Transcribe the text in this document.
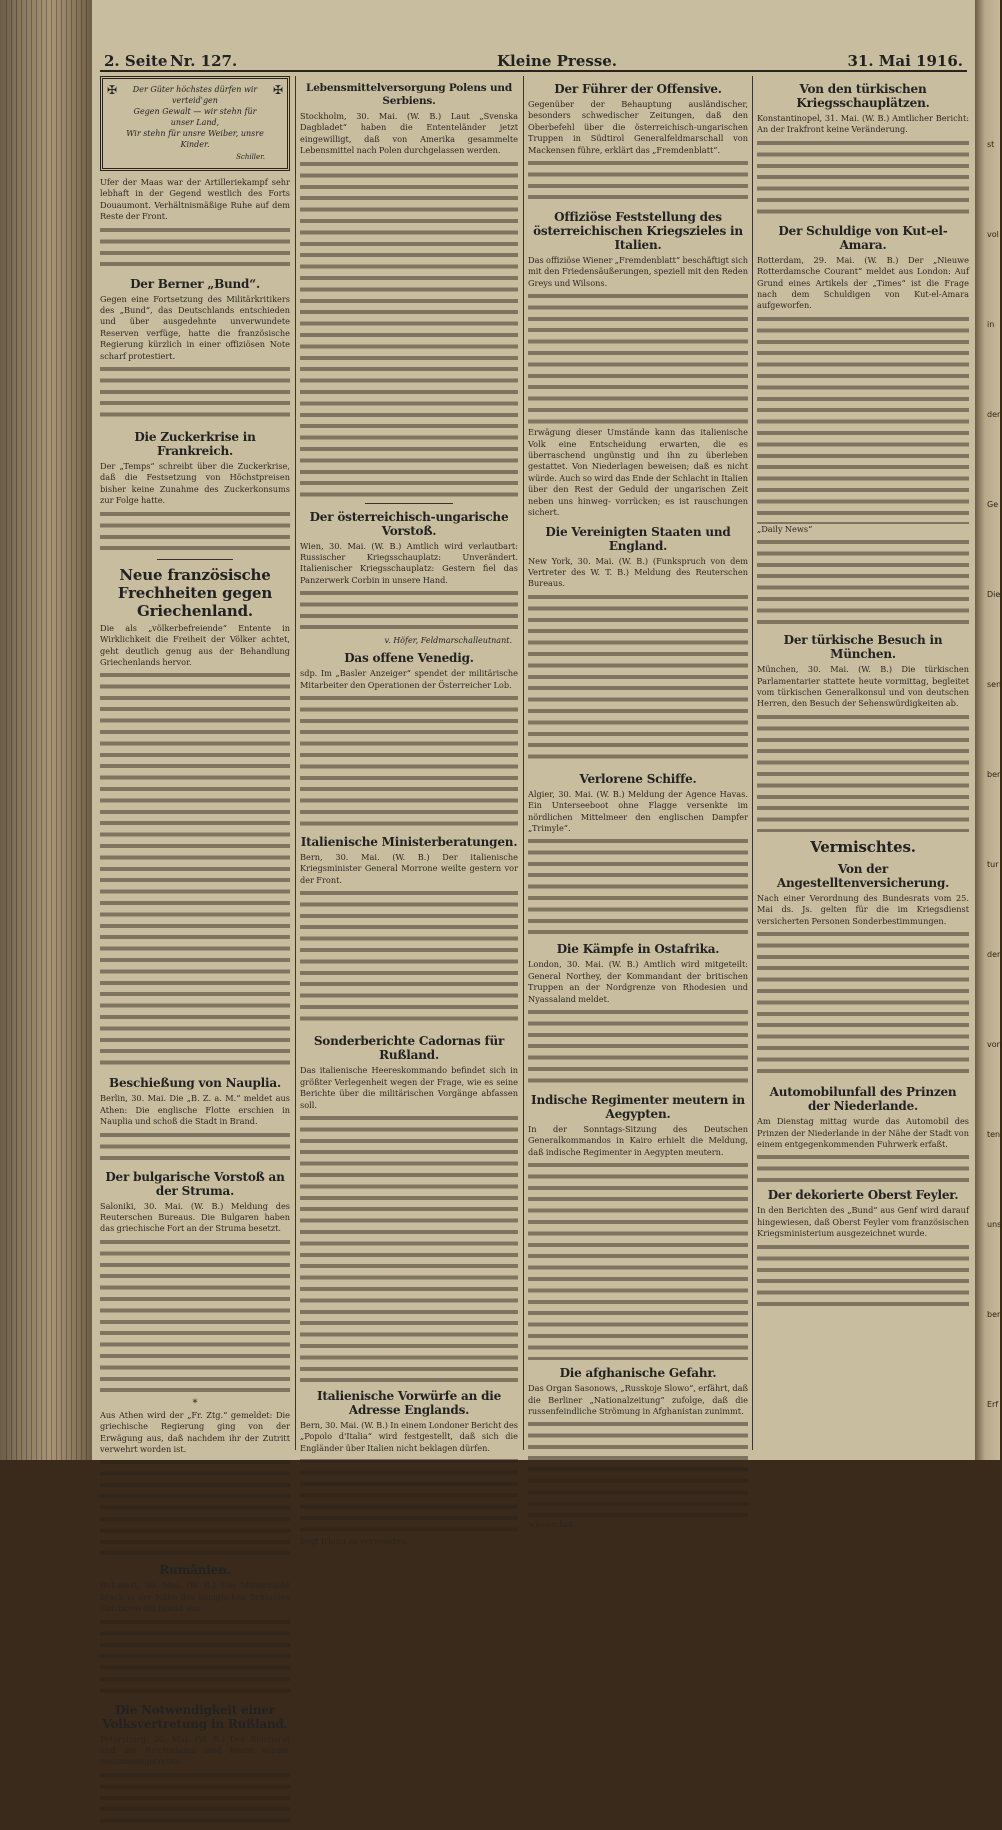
2. Seite Nr. 127.	Kleine Presse.	31. Mai 1916.
✠	✠

Der Güter höchstes dürfen wir verteid'gen

Gegen Gewalt — wir stehn für unser Land,

Wir stehn für unsre Weiber, unsre Kinder.

Schiller.

Ufer der Maas war der Artilleriekampf sehr lebhaft in der Gegend westlich des Forts Douaumont. Verhältnismäßige Ruhe auf dem Reste der Front.

Der Berner „Bund“.

Gegen eine Fortsetzung des Militärkritikers des „Bund“, das Deutschlands entschieden und über ausgedehnte unverwundete Reserven verfüge, hatte die französische Regierung kürzlich in einer offiziösen Note scharf protestiert.

Die Zuckerkrise in Frankreich.

Der „Temps“ schreibt über die Zuckerkrise, daß die Festsetzung von Höchstpreisen bisher keine Zunahme des Zuckerkonsums zur Folge hatte.

Neue französische Frechheiten gegen Griechenland.

Die als „völkerbefreiende“ Entente in Wirklichkeit die Freiheit der Völker achtet, geht deutlich genug aus der Behandlung Griechenlands hervor.

Beschießung von Nauplia.

Berlin, 30. Mai. Die „B. Z. a. M.“ meldet aus Athen: Die englische Flotte erschien in Nauplia und schoß die Stadt in Brand.

Der bulgarische Vorstoß an der Struma.

Saloniki, 30. Mai. (W. B.) Meldung des Reuterschen Bureaus. Die Bulgaren haben das griechische Fort an der Struma besetzt.

*

Aus Athen wird der „Fr. Ztg.“ gemeldet: Die griechische Regierung ging von der Erwägung aus, daß nachdem ihr der Zutritt verwehrt worden ist.

Rumänien.

Bukarest, 30. Mai. (W. B.) Um Mitternacht brach in der Nähe des königlichen Schlosses Cotroceni ein Brand aus.

Die Notwendigkeit einer Volksvertretung in Rußland.

Petersburg, 30. Mai. (W. B.) Der Reichsrat und die Reichsduma sind heute wieder zusammengetreten.

Lebensmittelversorgung Polens und Serbiens.

Stockholm, 30. Mai. (W. B.) Laut „Svenska Dagbladet“ haben die Ententeländer jetzt eingewilligt, daß von Amerika gesammelte Lebensmittel nach Polen durchgelassen werden.

Der österreichisch-ungarische Vorstoß.

Wien, 30. Mai. (W. B.) Amtlich wird verlautbart: Russischer Kriegsschauplatz: Unverändert. Italienischer Kriegsschauplatz: Gestern fiel das Panzerwerk Corbin in unsere Hand.

v. Höfer, Feldmarschalleutnant.

Das offene Venedig.

sdp. Im „Basler Anzeiger“ spendet der militärische Mitarbeiter den Operationen der Österreicher Lob.

Italienische Ministerberatungen.

Bern, 30. Mai. (W. B.) Der italienische Kriegsminister General Morrone weilte gestern vor der Front.

Sonderberichte Cadornas für Rußland.

Das italienische Heereskommando befindet sich in größter Verlegenheit wegen der Frage, wie es seine Berichte über die militärischen Vorgänge abfassen soll.

Italienische Vorwürfe an die Adresse Englands.

Bern, 30. Mai. (W. B.) In einem Londoner Bericht des „Popolo d'Italia“ wird festgestellt, daß sich die Engländer über Italien nicht beklagen dürfen.

liegt Irland zu verwenden.

Der Führer der Offensive.

Gegenüber der Behauptung ausländischer, besonders schwedischer Zeitungen, daß den Oberbefehl über die österreichisch-ungarischen Truppen in Südtirol Generalfeldmarschall von Mackensen führe, erklärt das „Fremdenblatt“.

Offiziöse Feststellung des österreichischen Kriegszieles in Italien.

Das offiziöse Wiener „Fremdenblatt“ beschäftigt sich mit den Friedensäußerungen, speziell mit den Reden Greys und Wilsons.

Erwägung dieser Umstände kann das italienische Volk eine Entscheidung erwarten, die es überraschend ungünstig und ihn zu überleben gestattet. Von Niederlagen beweisen; daß es nicht würde. Auch so wird das Ende der Schlacht in Italien über den Rest der Geduld der ungarischen Zeit neben uns hinweg- vorrücken; es ist rauschungen sichert.

Die Vereinigten Staaten und England.

New York, 30. Mai. (W. B.) (Funkspruch von dem Vertreter des W. T. B.) Meldung des Reuterschen Bureaus.

Verlorene Schiffe.

Algier, 30. Mai. (W. B.) Meldung der Agence Havas. Ein Unterseeboot ohne Flagge versenkte im nördlichen Mittelmeer den englischen Dampfer „Trimyle“.

Die Kämpfe in Ostafrika.

London, 30. Mai. (W. B.) Amtlich wird mitgeteilt: General Northey, der Kommandant der britischen Truppen an der Nordgrenze von Rhodesien und Nyassaland meldet.

Indische Regimenter meutern in Aegypten.

In der Sonntags-Sitzung des Deutschen Generalkommandos in Kairo erhielt die Meldung, daß indische Regimenter in Aegypten meutern.

Die afghanische Gefahr.

Das Organ Sasonows, „Russkoje Slowo“, erfährt, daß die Berliner „Nationalzeitung“ zufolge, daß die russenfeindliche Strömung in Afghanistan zunimmt.

wiesen hat.

Von den türkischen Kriegsschauplätzen.

Konstantinopel, 31. Mai. (W. B.) Amtlicher Bericht: An der Irakfront keine Veränderung.

Der Schuldige von Kut-el-Amara.

Rotterdam, 29. Mai. (W. B.) Der „Nieuwe Rotterdamsche Courant“ meldet aus London: Auf Grund eines Artikels der „Times“ ist die Frage nach dem Schuldigen von Kut-el-Amara aufgeworfen.

„Daily News“

Der türkische Besuch in München.

München, 30. Mai. (W. B.) Die türkischen Parlamentarier stattete heute vormittag, begleitet vom türkischen Generalkonsul und von deutschen Herren, den Besuch der Sehenswürdigkeiten ab.

Vermischtes.
Von der Angestelltenversicherung.

Nach einer Verordnung des Bundesrats vom 25. Mai ds. Js. gelten für die im Kriegsdienst versicherten Personen Sonderbestimmungen.

Automobilunfall des Prinzen der Niederlande.

Am Dienstag mittag wurde das Automobil des Prinzen der Niederlande in der Nähe der Stadt von einem entgegenkommenden Fuhrwerk erfaßt.

Der dekorierte Oberst Feyler.

In den Berichten des „Bund“ aus Genf wird darauf hingewiesen, daß Oberst Feyler vom französischen Kriegsministerium ausgezeichnet wurde.

st
vol
in
der
Ge
Die
sen
ber
tur
der
von
ten
uns
ber
Erf
